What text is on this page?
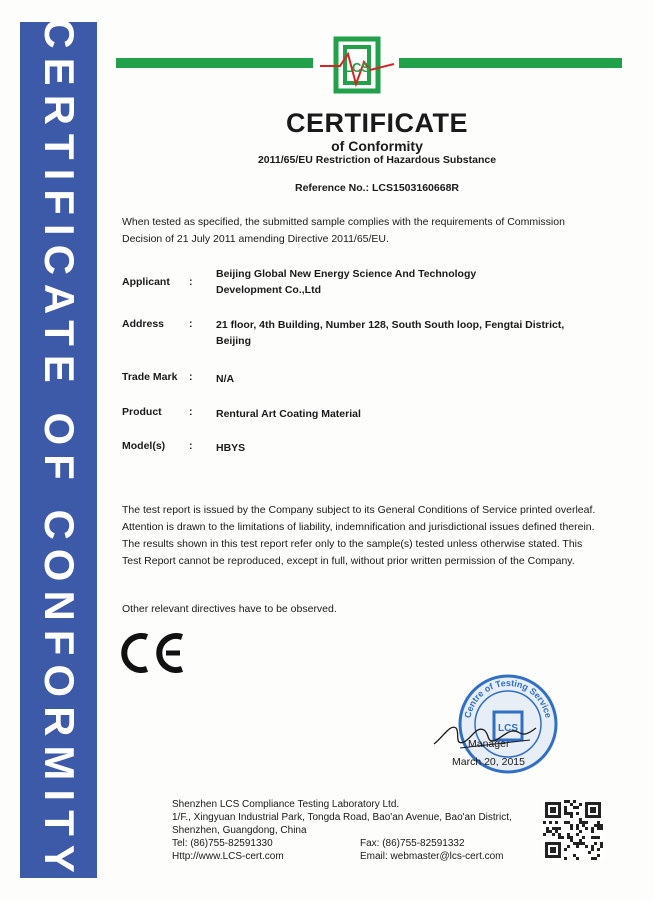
CERTIFICATE OF CONFORMITY	LCS
CERTIFICATE
of Conformity
2011/65/EU Restriction of Hazardous Substance
Reference No.: LCS1503160668R
When tested as specified, the submitted sample complies with the requirements of Commission Decision of 21 July 2011 amending Directive 2011/65/EU.
Applicant :
Beijing Global New Energy Science And Technology
Development Co.,Ltd
Address : 21 floor, 4th Building, Number 128, South South loop, Fengtai District,
Beijing
Trade Mark : N/A
Product	: Rentural Art Coating Material
Model(s) : HBYS
The test report is issued by the Company subject to its General Conditions of Service printed overleaf. Attention is drawn to the limitations of liability, indemnification and jurisdictional issues defined therein. The results shown in this test report refer only to the sample(s) tested unless otherwise stated. This Test Report cannot be reproduced, except in full, without prior written permission of the Company.
Other relevant directives have to be observed.
CE
Centre of Testing Service
LCS
Manager
March 20, 2015
Shenzhen LCS Compliance Testing Laboratory Ltd.
1/F., Xingyuan Industrial Park, Tongda Road, Bao'an Avenue, Bao'an District,
Shenzhen, Guangdong, China
Tel: (86)755-82591330	Fax: (86)755-82591332
Http://www.LCS-cert.com	Email: webmaster@lcs-cert.com
